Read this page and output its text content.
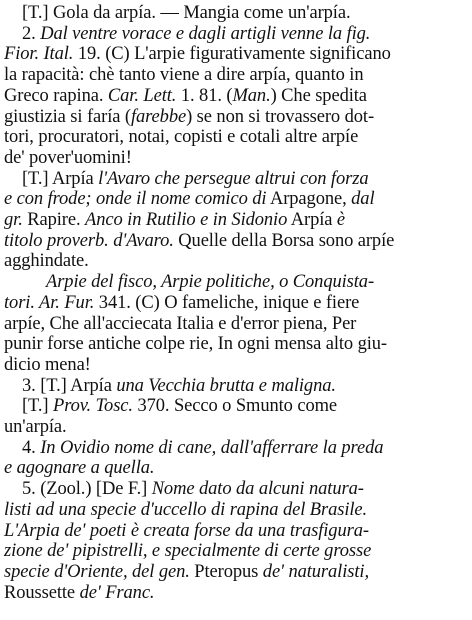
[T.] Gola da arpía. — Mangia come un'arpía.
2. Dal ventre vorace e dagli artigli venne la fig.
Fior. Ital. 19. (C) L'arpie figurativamente significano
la rapacità: chè tanto viene a dire arpía, quanto in
Greco rapina. Car. Lett. 1. 81. (Man.) Che spedita
giustizia si faría (farebbe) se non si trovassero dot-
tori, procuratori, notai, copisti e cotali altre arpíe
de' pover'uomini!
[T.] Arpía l'Avaro che persegue altrui con forza
e con frode; onde il nome comico di Arpagone, dal
gr. Rapire. Anco in Rutilio e in Sidonio Arpía è
titolo proverb. d'Avaro. Quelle della Borsa sono arpíe
agghindate.
Arpie del fisco, Arpie politiche, o Conquista-
tori. Ar. Fur. 341. (C) O fameliche, inique e fiere
arpíe, Che all'acciecata Italia e d'error piena, Per
punir forse antiche colpe rie, In ogni mensa alto giu-
dicio mena!
3. [T.] Arpía una Vecchia brutta e maligna.
[T.] Prov. Tosc. 370. Secco o Smunto come
un'arpía.
4. In Ovidio nome di cane, dall'afferrare la preda
e agognare a quella.
5. (Zool.) [De F.] Nome dato da alcuni natura-
listi ad una specie d'uccello di rapina del Brasile.
L'Arpia de' poeti è creata forse da una trasfigura-
zione de' pipistrelli, e specialmente di certe grosse
specie d'Oriente, del gen. Pteropus de' naturalisti,
Roussette de' Franc.
